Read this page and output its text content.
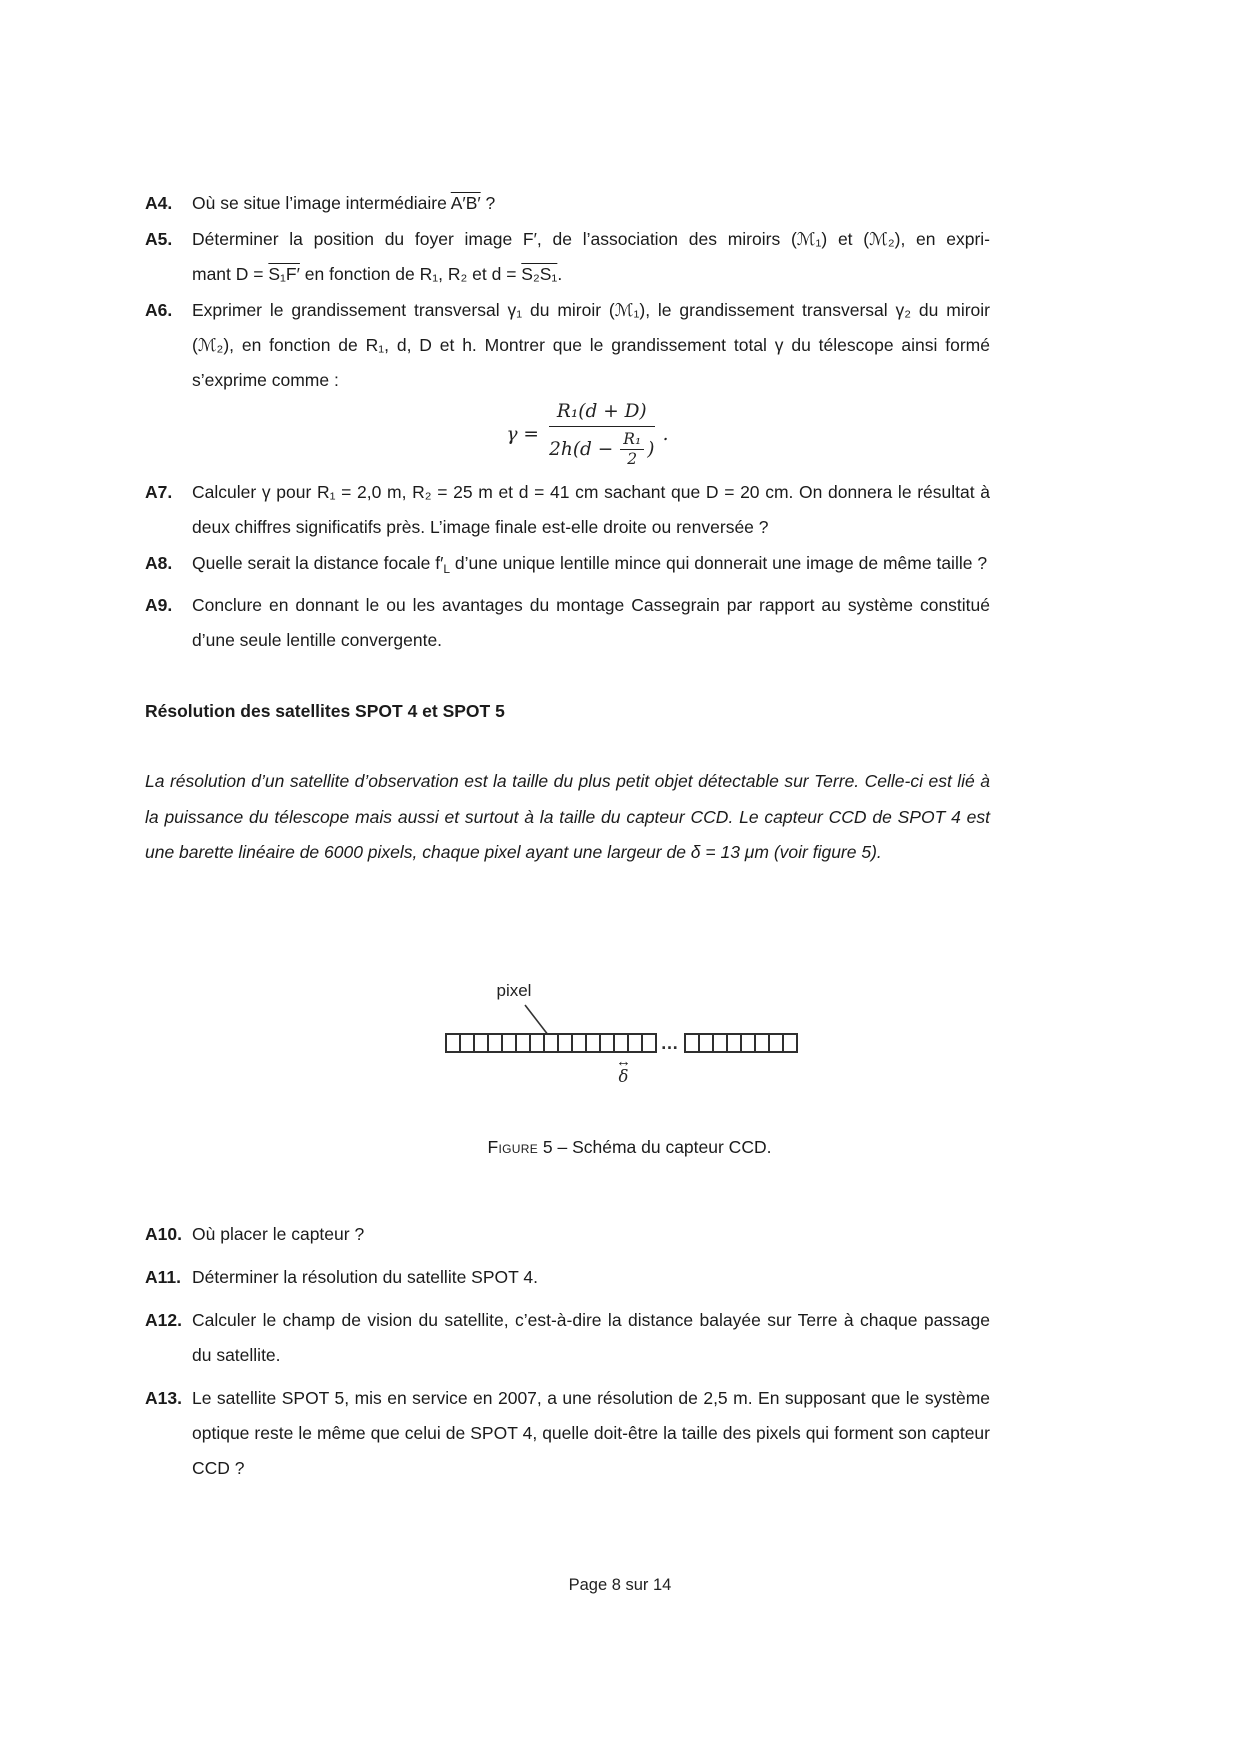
A4. Où se situe l’image intermédiaire A′B′ ?
A5. Déterminer la position du foyer image F′, de l’association des miroirs (ℳ₁) et (ℳ₂), en expri-
mant D = S₁F′ en fonction de R₁, R₂ et d = S₂S₁.
A6. Exprimer le grandissement transversal γ₁ du miroir (ℳ₁), le grandissement transversal γ₂ du miroir (ℳ₂), en fonction de R₁, d, D et h. Montrer que le grandissement total γ du télescope ainsi formé s’exprime comme :
$\gamma = \frac{\text{R₁(d + D)}}{2h(d - \frac{\text{R₁}}{2} )}$ .
A7. Calculer γ pour R₁ = 2,0 m, R₂ = 25 m et d = 41 cm sachant que D = 20 cm. On donnera le résultat à deux chiffres significatifs près. L’image finale est-elle droite ou renversée ?
A8. Quelle serait la distance focale $f'_L$ d’une unique lentille mince qui donnerait une image de même taille ?
A9. Conclure en donnant le ou les avantages du montage Cassegrain par rapport au système constitué d’une seule lentille convergente.
Résolution des satellites SPOT 4 et SPOT 5
La résolution d’un satellite d’observation est la taille du plus petit objet détectable sur Terre. Celle-ci est lié à la puissance du télescope mais aussi et surtout à la taille du capteur CCD. Le capteur CCD de SPOT 4 est une barette linéaire de 6000 pixels, chaque pixel ayant une largeur de δ = 13 μm (voir figure 5).
pixel
…
↔
δ
Figure 5 – Schéma du capteur CCD.
A10. Où placer le capteur ?
A11. Déterminer la résolution du satellite SPOT 4.
A12. Calculer le champ de vision du satellite, c’est-à-dire la distance balayée sur Terre à chaque passage du satellite.
A13. Le satellite SPOT 5, mis en service en 2007, a une résolution de 2,5 m. En supposant que le système optique reste le même que celui de SPOT 4, quelle doit-être la taille des pixels qui forment son capteur CCD ?
Page 8 sur 14
